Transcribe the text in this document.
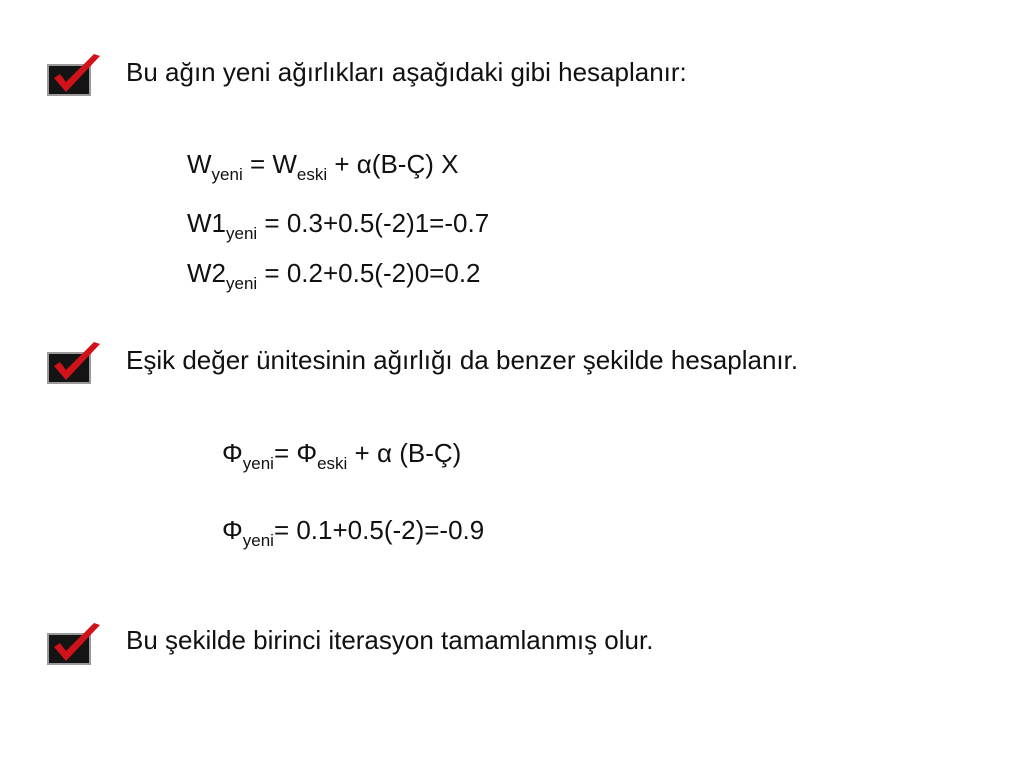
Bu ağın yeni ağırlıkları aşağıdaki gibi hesaplanır:
$W_{yeni} = W_{eski}$ + α(B-Ç) X
$W1_{yeni} = 0.3+0.5(-2)1=-0.7$
$W2_{yeni} = 0.2+0.5(-2)0=0.2$
Eşik değer ünitesinin ağırlığı da benzer şekilde hesaplanır.
$\Phi_{yeni}= \Phi_{eski} + \alpha$ (B-Ç)
$\Phi_{yeni}= 0.1+0.5(-2)=-0.9$
Bu şekilde birinci iterasyon tamamlanmış olur.
